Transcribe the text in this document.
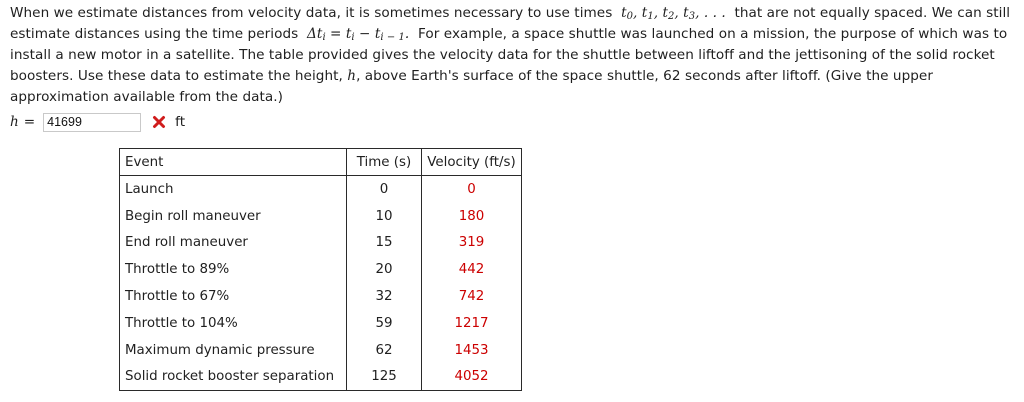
When we estimate distances from velocity data, it is sometimes necessary to use times  $t_0$, $t_1$, $t_2$, $t_3$, . . .  that are not equally spaced. We can still estimate distances using the time periods  $\Delta t_i = t_i - t_{i - 1}$.  For example, a space shuttle was launched on a mission, the purpose of which was to install a new motor in a satellite. The table provided gives the velocity data for the shuttle between liftoff and the jettisoning of the solid rocket boosters. Use these data to estimate the height, h, above Earth's surface of the space shuttle, 62 seconds after liftoff. (Give the upper approximation available from the data.)

h =
41699	ft
Event	Time (s)	Velocity (ft/s)
Launch	0	0
Begin roll maneuver	10	180
End roll maneuver	15	319
Throttle to 89%	20	442
Throttle to 67%	32	742
Throttle to 104%	59	1217
Maximum dynamic pressure	62	1453
Solid rocket booster separation	125	4052
